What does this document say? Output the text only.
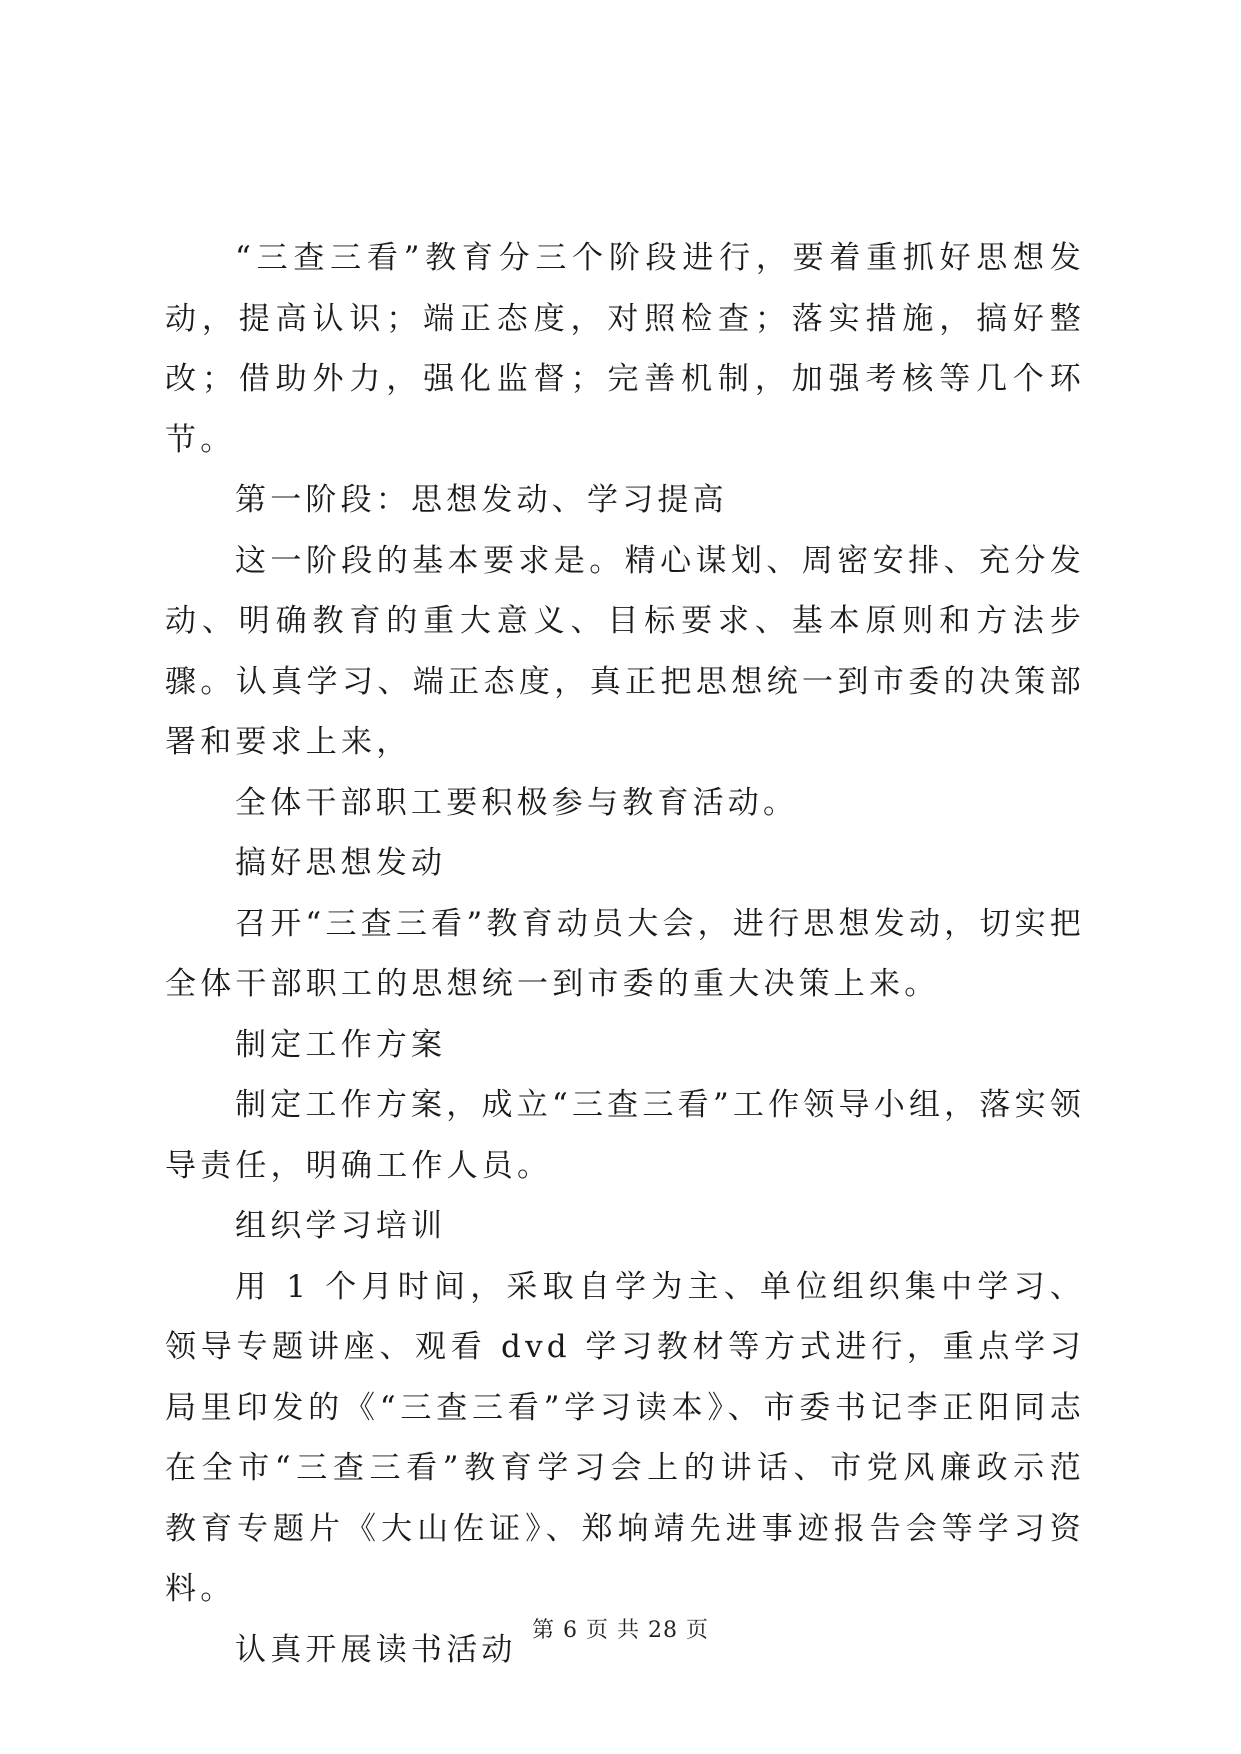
“三查三看”教育分三个阶段进行，要着重抓好思想发动，提高认识；端正态度，对照检查；落实措施，搞好整改；借助外力，强化监督；完善机制，加强考核等几个环节。

第一阶段：思想发动、学习提高

这一阶段的基本要求是。精心谋划、周密安排、充分发动、明确教育的重大意义、目标要求、基本原则和方法步骤。认真学习、端正态度，真正把思想统一到市委的决策部署和要求上来，

全体干部职工要积极参与教育活动。

搞好思想发动

召开“三查三看”教育动员大会，进行思想发动，切实把全体干部职工的思想统一到市委的重大决策上来。

制定工作方案

制定工作方案，成立“三查三看”工作领导小组，落实领导责任，明确工作人员。

组织学习培训

用 1 个月时间，采取自学为主、单位组织集中学习、领导专题讲座、观看 dvd 学习教材等方式进行，重点学习局里印发的《“三查三看”学习读本》、市委书记李正阳同志在全市“三查三看”教育学习会上的讲话、市党风廉政示范教育专题片《大山佐证》、郑垧靖先进事迹报告会等学习资料。

认真开展读书活动

第 6 页 共 28 页
